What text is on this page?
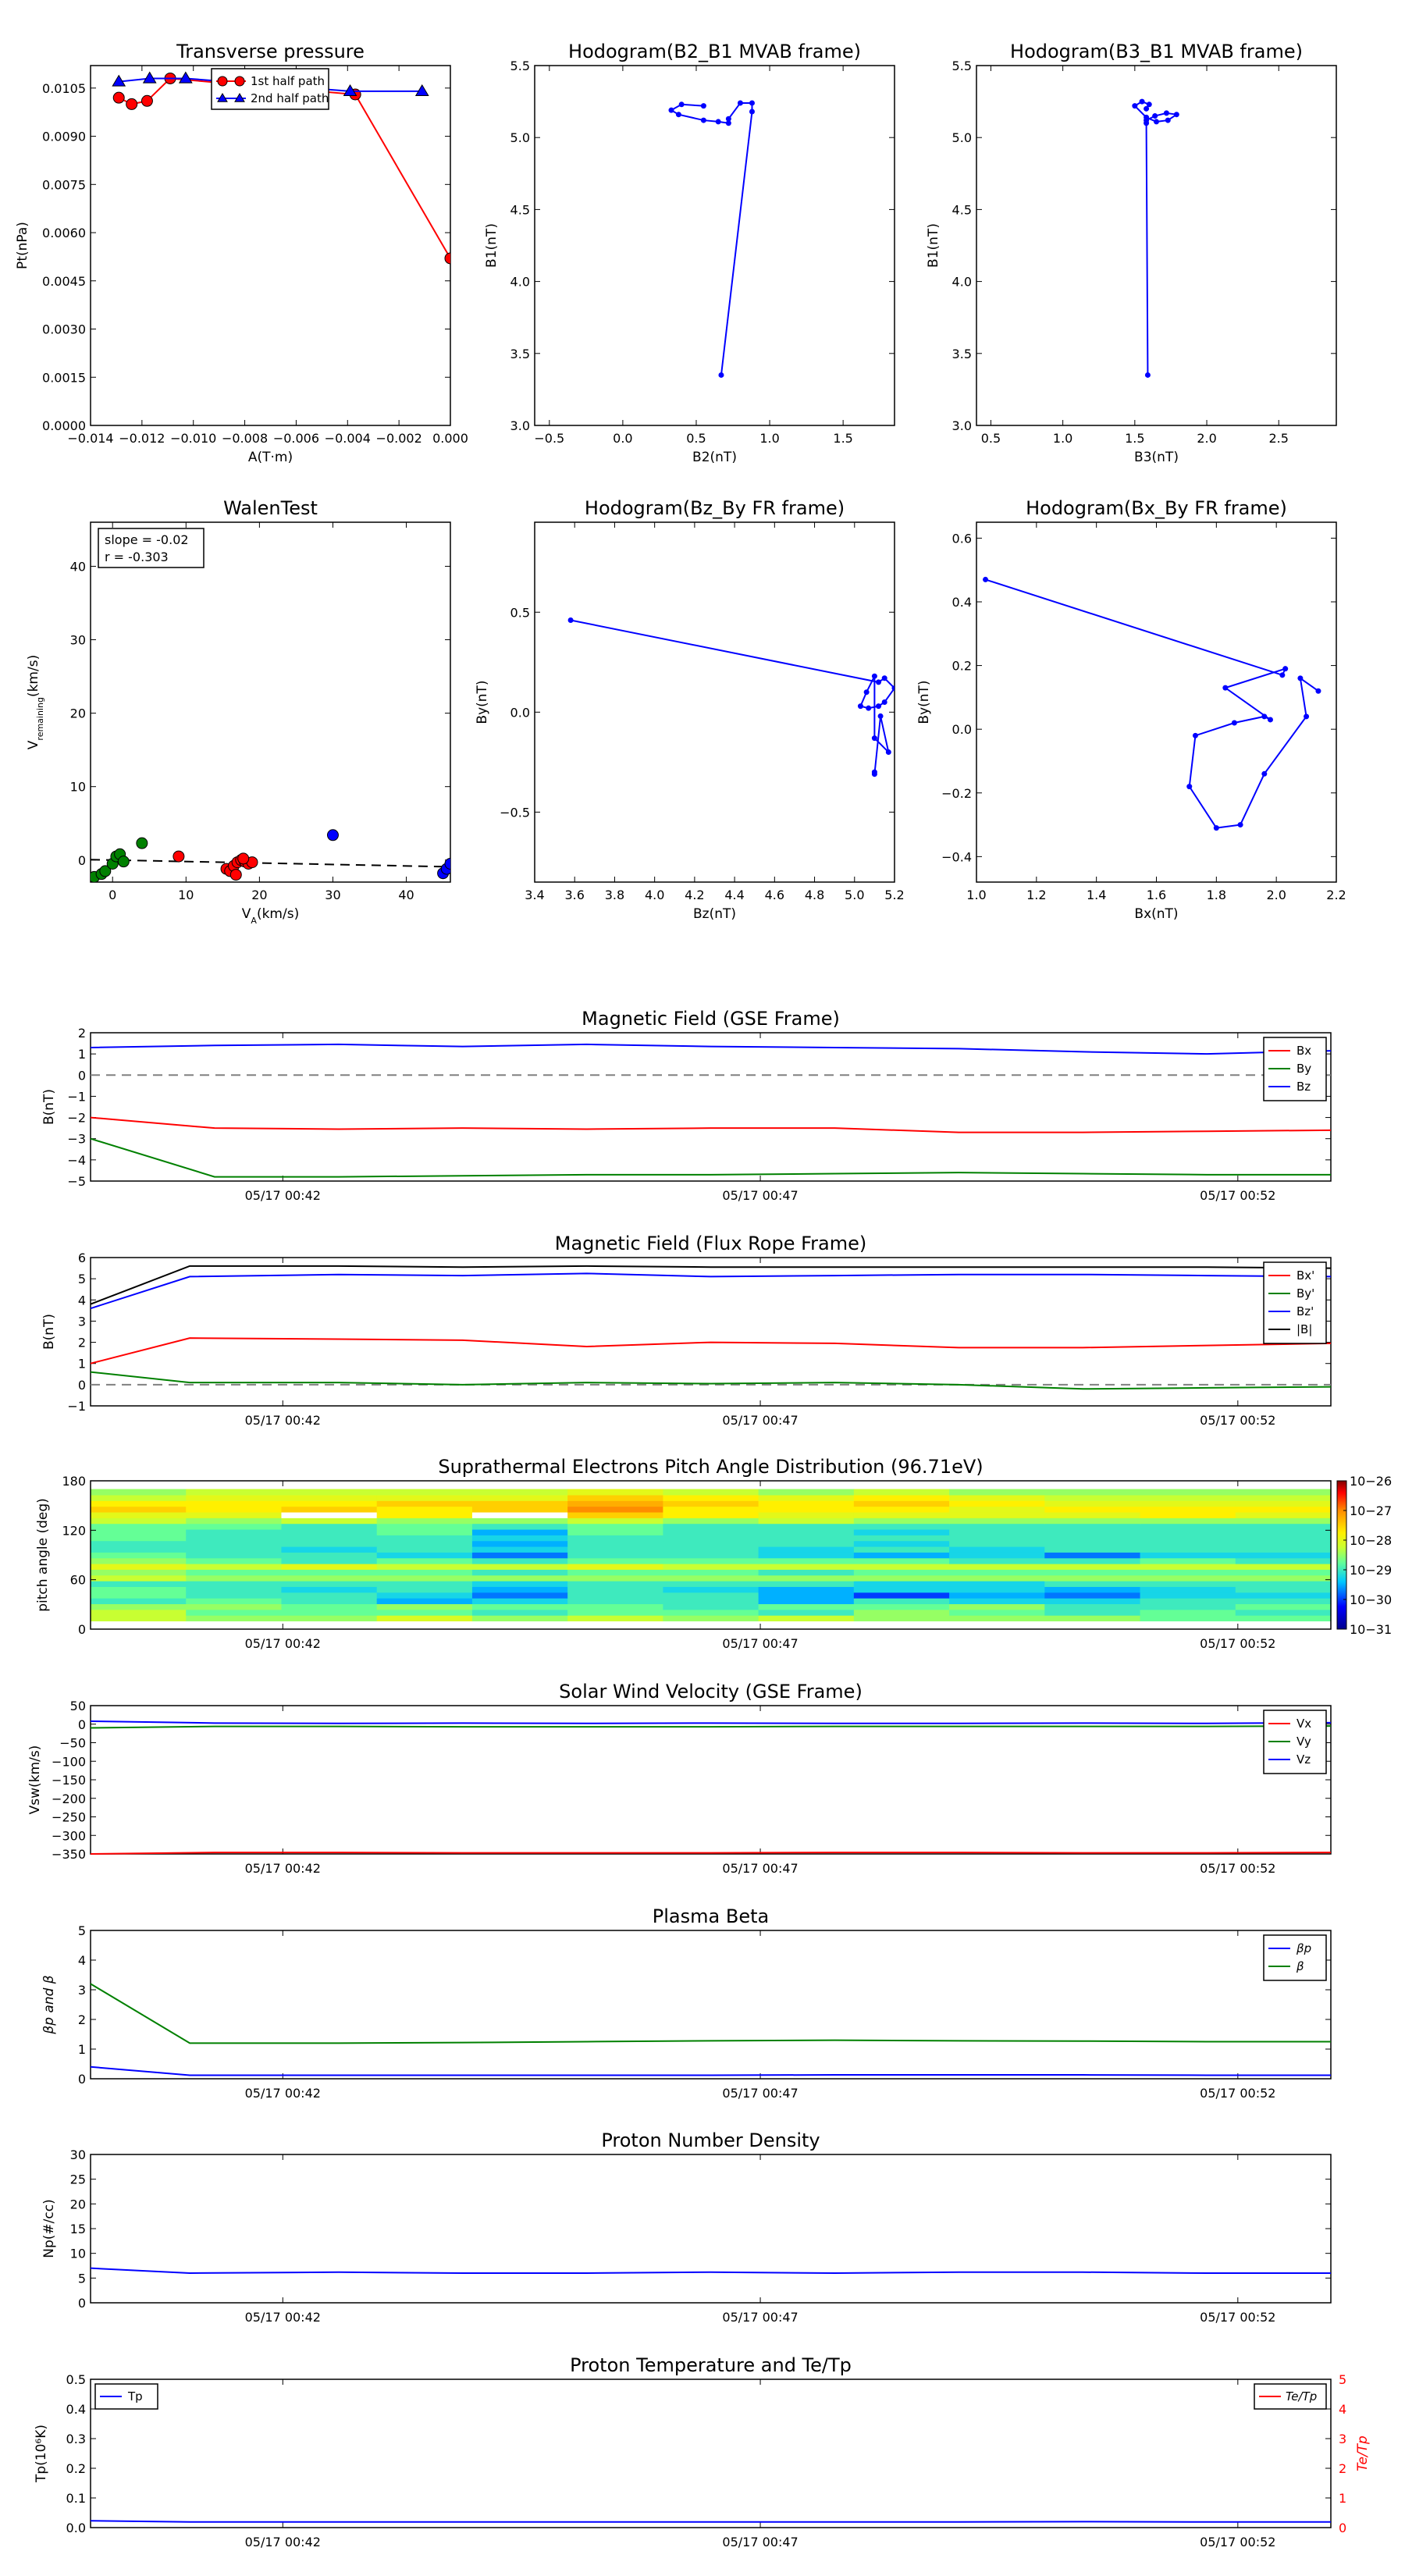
Transverse pressure
−0.014 −0.012 −0.010 −0.008 −0.006 −0.004 −0.002 0.000
0.0000
0.0015
0.0030
0.0045
0.0060
0.0075
0.0090
0.0105
A(T·m)
Pt(nPa)
1st half path
2nd half path
Hodogram(B2_B1 MVAB frame)
−0.5	0.0	0.5	1.0	1.5
3.0
3.5
4.0
4.5
5.0
5.5
B2(nT)
B1(nT)
Hodogram(B3_B1 MVAB frame)
0.5	1.0	1.5	2.0	2.5
3.0
3.5
4.0
4.5
5.0
5.5
B3(nT)
B1(nT)
WalenTest
0	10	20	30	40
0
10
20
30
40
$V_A(km/s)$
$V_{remaining}(km/s)$
slope = -0.02
r = -0.303
Hodogram(Bz_By FR frame)
3.4 3.6 3.8 4.0 4.2 4.4 4.6 4.8 5.0 5.2
−0.5
0.0
0.5
Bz(nT)
By(nT)
Hodogram(Bx_By FR frame)
1.0	1.2	1.4	1.6	1.8	2.0	2.2
−0.4
−0.2
0.0
0.2
0.4
0.6
Bx(nT)
By(nT)
Magnetic Field (GSE Frame)
2
1
0
−1
−2
−3
−4
−5
05/17 00:42	05/17 00:47	05/17 00:52
B(nT)
Bx
By
Bz
Magnetic Field (Flux Rope Frame)
6
5
4
3
2
1
0
−1
05/17 00:42	05/17 00:47	05/17 00:52
B(nT)
Bx'
By'
Bz'
|B|
Solar Wind Velocity (GSE Frame)
50
0
−50
−100
−150
−200
−250
−300
−350
05/17 00:42	05/17 00:47	05/17 00:52
Vsw(km/s)
Vx
Vy
Vz
Plasma Beta
5
4
3
2
1
0
05/17 00:42	05/17 00:47	05/17 00:52
βp and β
βp
β
Proton Number Density
30
25
20
15
10
5
0
05/17 00:42	05/17 00:47	05/17 00:52
Np(#/cc)
Proton Temperature and Te/Tp
0.5
0.4
0.3
0.2
0.1
0.0
05/17 00:42	05/17 00:47	05/17 00:52
Tp(10⁶K)
Tp	Te/Tp
5
4
3
2
1
0
Te/Tp
Suprathermal Electrons Pitch Angle Distribution (96.71eV)
180
120
60
0
05/17 00:42	05/17 00:47	05/17 00:52
pitch angle (deg)
10−26
10−27
10−28
10−29
10−30
10−31
